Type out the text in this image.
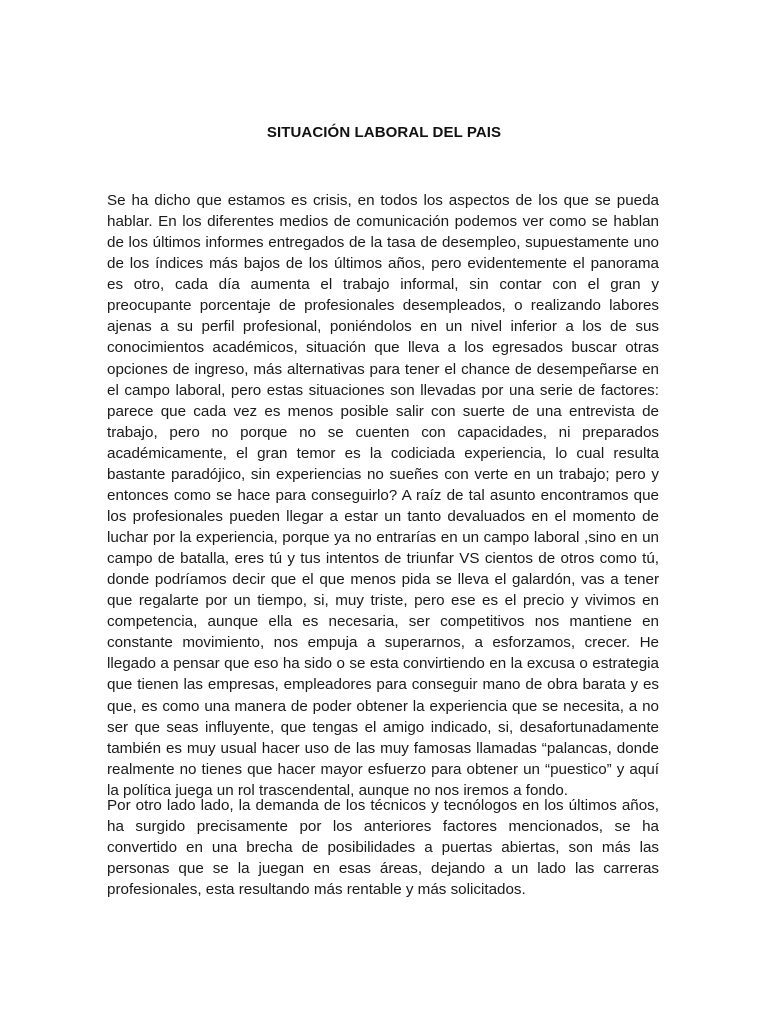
SITUACIÓN LABORAL DEL PAIS

Se ha dicho que estamos es crisis, en todos los aspectos de los que se pueda hablar. En los diferentes medios de comunicación podemos ver como se hablan de los últimos informes entregados de la tasa de desempleo, supuestamente uno de los índices más bajos de los últimos años, pero evidentemente el panorama es otro, cada día aumenta el trabajo informal, sin contar con el gran y preocupante porcentaje de profesionales desempleados, o realizando labores ajenas a su perfil profesional, poniéndolos en un nivel inferior a los de sus conocimientos académicos, situación que lleva a los egresados buscar otras opciones de ingreso, más alternativas para tener el chance de desempeñarse en el campo laboral, pero estas situaciones son llevadas por una serie de factores: parece que cada vez es menos posible salir con suerte de una entrevista de trabajo, pero no porque no se cuenten con capacidades, ni preparados académicamente, el gran temor es la codiciada experiencia, lo cual resulta bastante paradójico, sin experiencias no sueñes con verte en un trabajo; pero y entonces como se hace para conseguirlo? A raíz de tal asunto encontramos que los profesionales pueden llegar a estar un tanto devaluados en el momento de luchar por la experiencia, porque ya no entrarías en un campo laboral ,sino en un campo de batalla, eres tú y tus intentos de triunfar VS cientos de otros como tú, donde podríamos decir que el que menos pida se lleva el galardón, vas a tener que regalarte por un tiempo, si, muy triste, pero ese es el precio y vivimos en competencia, aunque ella es necesaria, ser competitivos nos mantiene en constante movimiento, nos empuja a superarnos, a esforzamos, crecer. He llegado a pensar que eso ha sido o se esta convirtiendo en la excusa o estrategia que tienen las empresas, empleadores para conseguir mano de obra barata y es que, es como una manera de poder obtener la experiencia que se necesita, a no ser que seas influyente, que tengas el amigo indicado, si, desafortunadamente también es muy usual hacer uso de las muy famosas llamadas “palancas, donde realmente no tienes que hacer mayor esfuerzo para obtener un “puestico” y aquí la política juega un rol trascendental, aunque no nos iremos a fondo.

Por otro lado lado, la demanda de los técnicos y tecnólogos en los últimos años, ha surgido precisamente por los anteriores factores mencionados, se ha convertido en una brecha de posibilidades a puertas abiertas, son más las personas que se la juegan en esas áreas, dejando a un lado las carreras profesionales, esta resultando más rentable y más solicitados.
